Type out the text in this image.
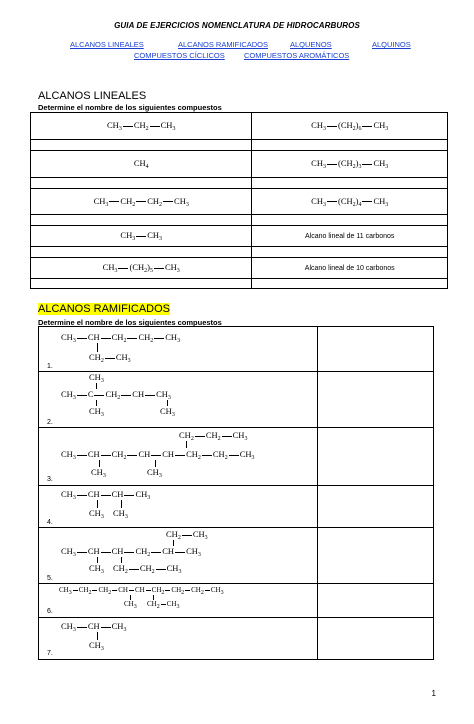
GUIA DE EJERCICIOS NOMENCLATURA DE HIDROCARBUROS
ALCANOS LINEALES	ALCANOS RAMIFICADOS	ALQUENOS	ALQUINOS
COMPUESTOS CÍCLICOS	COMPUESTOS AROMÁTICOS
ALCANOS LINEALES
Determine el nombre de los siguientes compuestos
$CH_3$ $CH_2$ $CH_3$	$CH_3$ $(CH_2)_6$ $CH_3$

$CH_4$	$CH_3$ $(CH_2)_3$ $CH_3$

$CH_3$ $CH_2$ $CH_2$ $CH_3$	$CH_3$ $(CH_2)_4$ $CH_3$

$CH_3$ $CH_3$	Alcano lineal de 11 carbonos

$CH_3$ $(CH_2)_5$ $CH_3$	Alcano lineal de 10 carbonos

ALCANOS RAMIFICADOS
Determine el nombre de los siguientes compuestos
$CH_3$ CH $CH_2$ $CH_2$ $CH_3$
$CH_2$ $CH_3$
1.
$CH_3$
$CH_3$ C $CH_2$ CH $CH_3$
$CH_3$	$CH_3$
2.
$CH_2$ $CH_2$ $CH_3$
$CH_3$ CH $CH_2$ CH CH $CH_2$ $CH_2$ $CH_3$
$CH_3$	$CH_3$
3.
$CH_3$ CH CH $CH_3$
$CH_3$ $CH_3$
4.
$CH_2$ $CH_3$
$CH_3$ CH CH $CH_2$ CH $CH_3$
$CH_3$ $CH_2$ $CH_2$ $CH_3$
5.
$CH_3$ $CH_2$ $CH_2$ CH CH $CH_2$ $CH_2$ $CH_2$ $CH_3$
$CH_3$ $CH_2$ $CH_3$
6.
$CH_3$ CH $CH_3$
$CH_3$
7.
1
